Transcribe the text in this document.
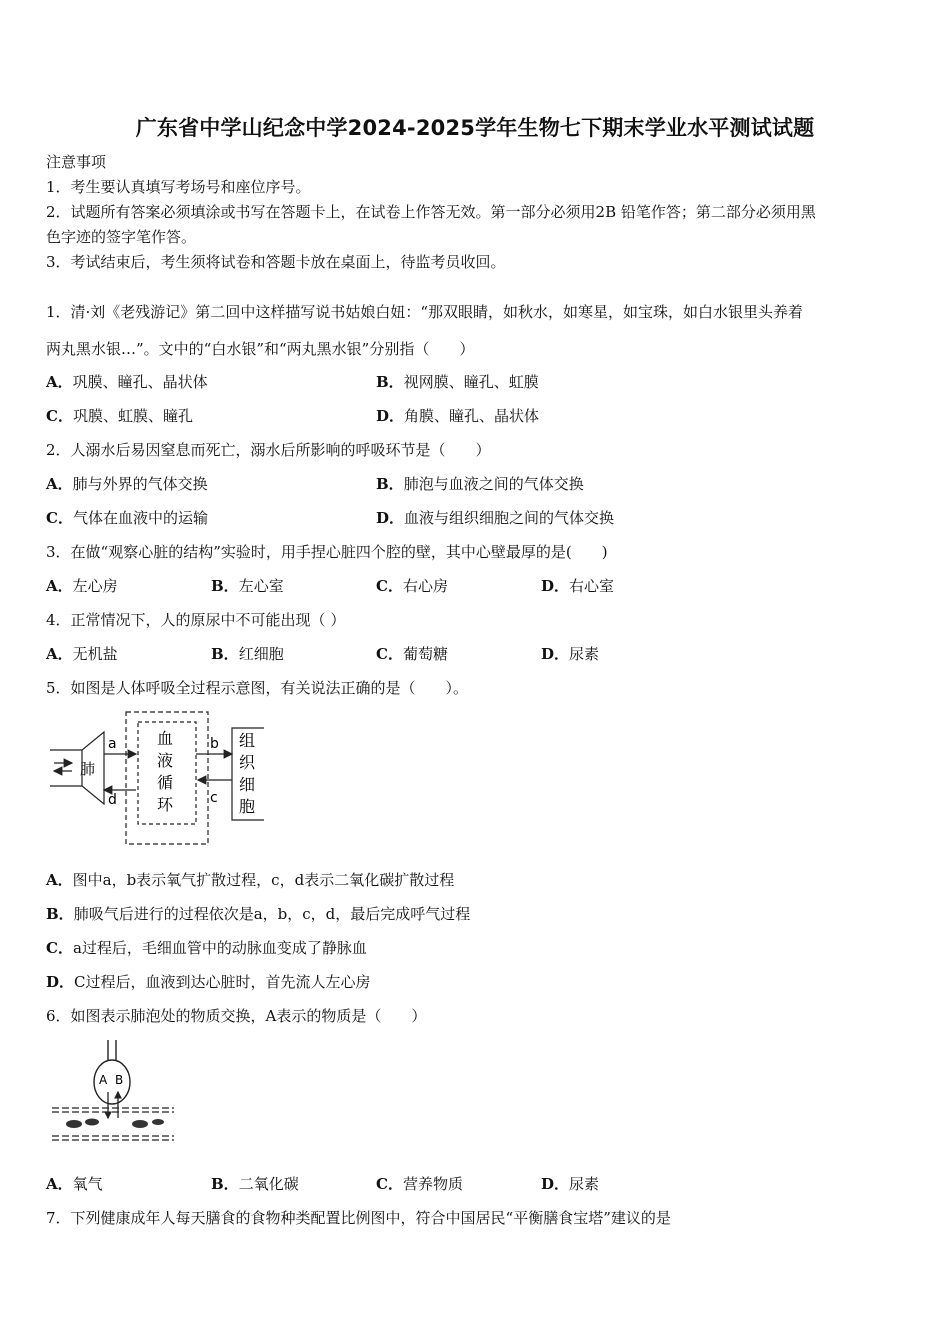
广东省中学山纪念中学2024-2025学年生物七下期末学业水平测试试题
注意事项
1．考生要认真填写考场号和座位序号。
2．试题所有答案必须填涂或书写在答题卡上，在试卷上作答无效。第一部分必须用2B 铅笔作答；第二部分必须用黑
色字迹的签字笔作答。
3．考试结束后，考生须将试卷和答题卡放在桌面上，待监考员收回。
1．清·刘《老残游记》第二回中这样描写说书姑娘白妞：“那双眼睛，如秋水，如寒星，如宝珠，如白水银里头养着
两丸黑水银…”。文中的“白水银”和“两丸黑水银”分别指（　　）
A．巩膜、瞳孔、晶状体	B．视网膜、瞳孔、虹膜
C．巩膜、虹膜、瞳孔	D．角膜、瞳孔、晶状体
2．人溺水后易因窒息而死亡，溺水后所影响的呼吸环节是（　　）
A．肺与外界的气体交换	B．肺泡与血液之间的气体交换
C．气体在血液中的运输	D．血液与组织细胞之间的气体交换
3．在做“观察心脏的结构”实验时，用手捏心脏四个腔的壁，其中心壁最厚的是(　　)
A．左心房	B．左心室	C．右心房	D．右心室
4．正常情况下，人的原尿中不可能出现（ ）
A．无机盐	B．红细胞	C．葡萄糖	D．尿素
5．如图是人体呼吸全过程示意图，有关说法正确的是（　　）。
肺
a
d
血
液
循
环
b
c
组
织
细
胞
A．图中a，b表示氧气扩散过程，c，d表示二氧化碳扩散过程
B．肺吸气后进行的过程依次是a，b，c，d，最后完成呼气过程
C．a过程后，毛细血管中的动脉血变成了静脉血
D．C过程后，血液到达心脏时，首先流人左心房
6．如图表示肺泡处的物质交换，A表示的物质是（　　）
A B
A．氧气	B．二氧化碳	C．营养物质	D．尿素
7．下列健康成年人每天膳食的食物种类配置比例图中，符合中国居民“平衡膳食宝塔”建议的是
